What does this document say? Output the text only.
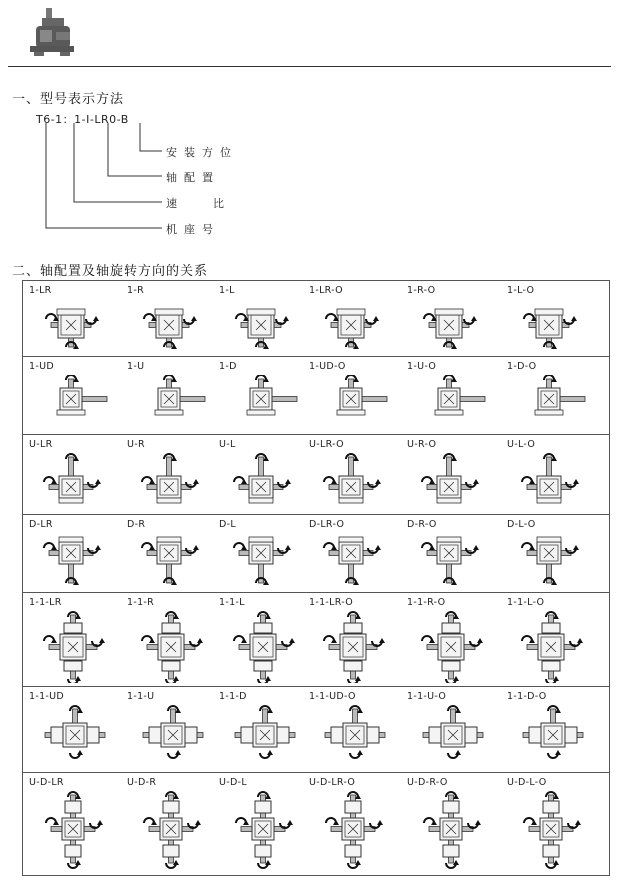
一、型号表示方法
T6-1：1-I-LR0-B
安装方位
轴配置
速	比
机座号
二、轴配置及轴旋转方向的关系
1-LR	1-R	1-L	1-LR-O	1-R-O	1-L-O
1-UD	1-U	1-D	1-UD-O	1-U-O	1-D-O
U-LR	U-R	U-L	U-LR-O	U-R-O	U-L-O
D-LR	D-R	D-L	D-LR-O	D-R-O	D-L-O
1-1-LR	1-1-R	1-1-L	1-1-LR-O	1-1-R-O	1-1-L-O
1-1-UD	1-1-U	1-1-D	1-1-UD-O	1-1-U-O	1-1-D-O
U-D-LR	U-D-R	U-D-L	U-D-LR-O	U-D-R-O	U-D-L-O
